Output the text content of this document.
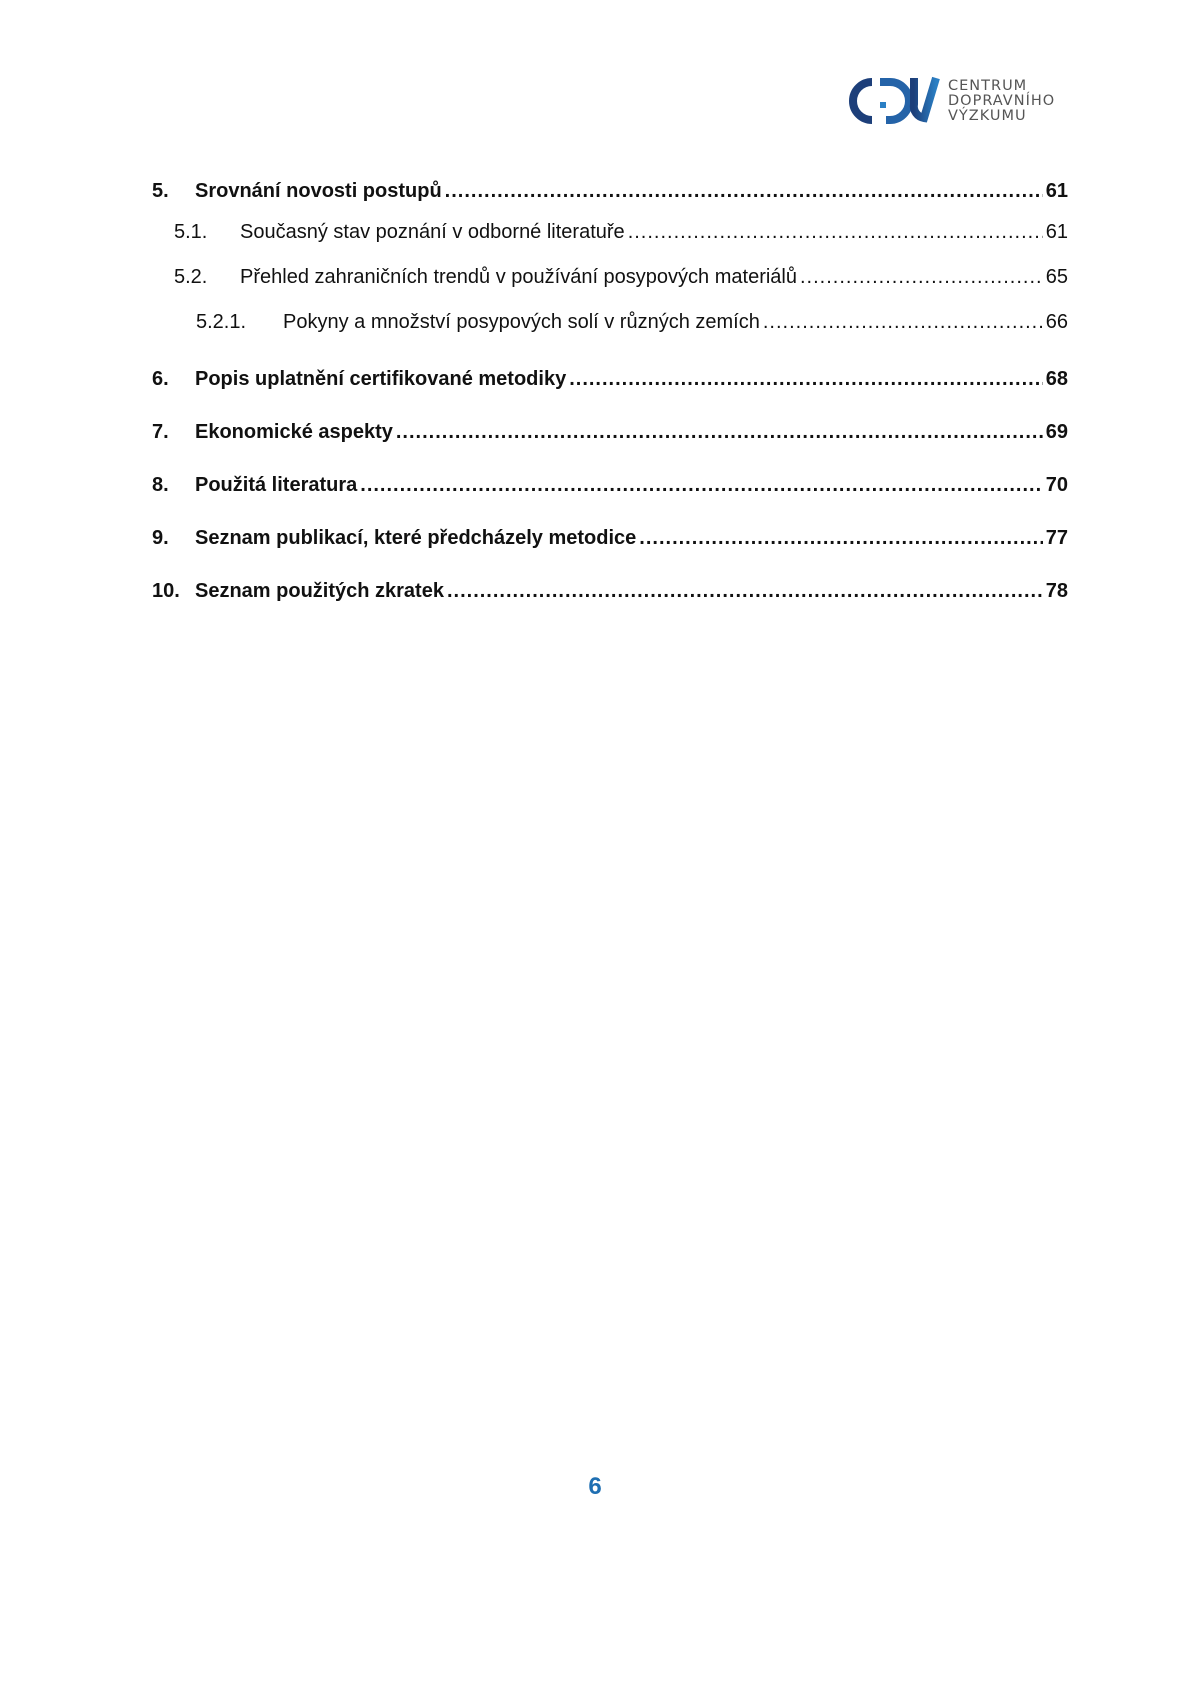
CENTRUM
DOPRAVNÍHO
VÝZKUMU
5.	Srovnání novosti postupů .....	61
5.1.	Současný stav poznání v odborné literatuře .....	61
5.2.	Přehled zahraničních trendů v používání posypových materiálů .....	65
5.2.1.	Pokyny a množství posypových solí v různých zemích .....	66
6.	Popis uplatnění certifikované metodiky .....	68
7.	Ekonomické aspekty .....	69
8.	Použitá literatura .....	70
9.	Seznam publikací, které předcházely metodice .....	77
10. Seznam použitých zkratek .....	78
6
